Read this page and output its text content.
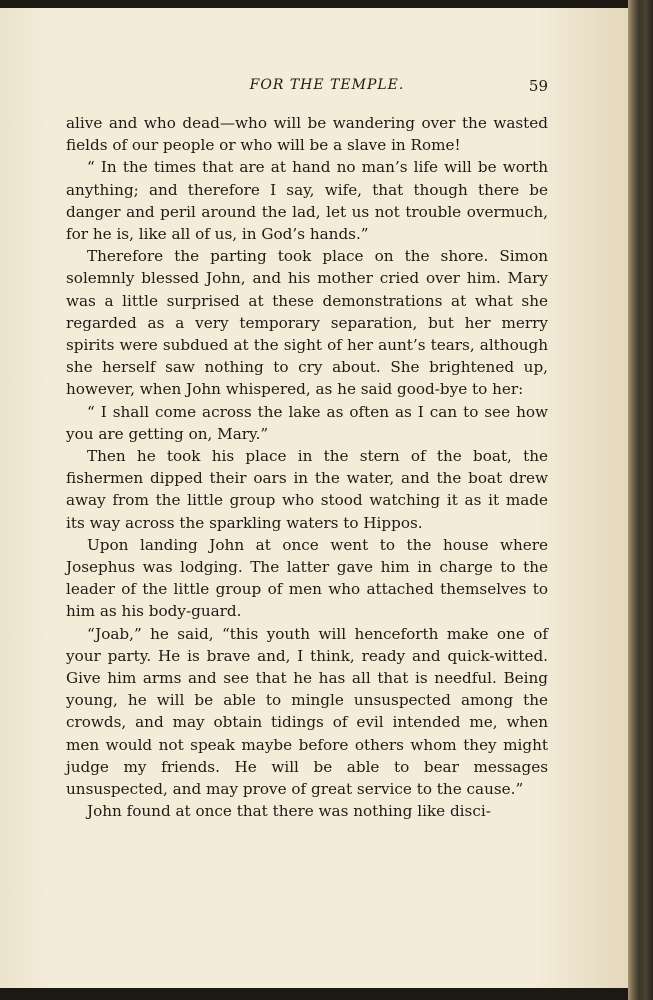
FOR THE TEMPLE.	59

alive and who dead—who will be wandering over the wasted fields of our people or who will be a slave in Rome!

“ In the times that are at hand no man’s life will be worth anything; and therefore I say, wife, that though there be danger and peril around the lad, let us not trouble overmuch, for he is, like all of us, in God’s hands.”

Therefore the parting took place on the shore. Simon solemnly blessed John, and his mother cried over him. Mary was a little surprised at these demonstrations at what she regarded as a very temporary separation, but her merry spirits were subdued at the sight of her aunt’s tears, although she herself saw nothing to cry about. She brightened up, however, when John whispered, as he said good-bye to her:

“ I shall come across the lake as often as I can to see how you are getting on, Mary.”

Then he took his place in the stern of the boat, the fishermen dipped their oars in the water, and the boat drew away from the little group who stood watching it as it made its way across the sparkling waters to Hippos.

Upon landing John at once went to the house where Josephus was lodging. The latter gave him in charge to the leader of the little group of men who attached themselves to him as his body-guard.

“Joab,” he said, “this youth will henceforth make one of your party. He is brave and, I think, ready and quick-witted. Give him arms and see that he has all that is needful. Being young, he will be able to mingle unsuspected among the crowds, and may obtain tidings of evil intended me, when men would not speak maybe before others whom they might judge my friends. He will be able to bear messages unsuspected, and may prove of great service to the cause.”

John found at once that there was nothing like disci-
